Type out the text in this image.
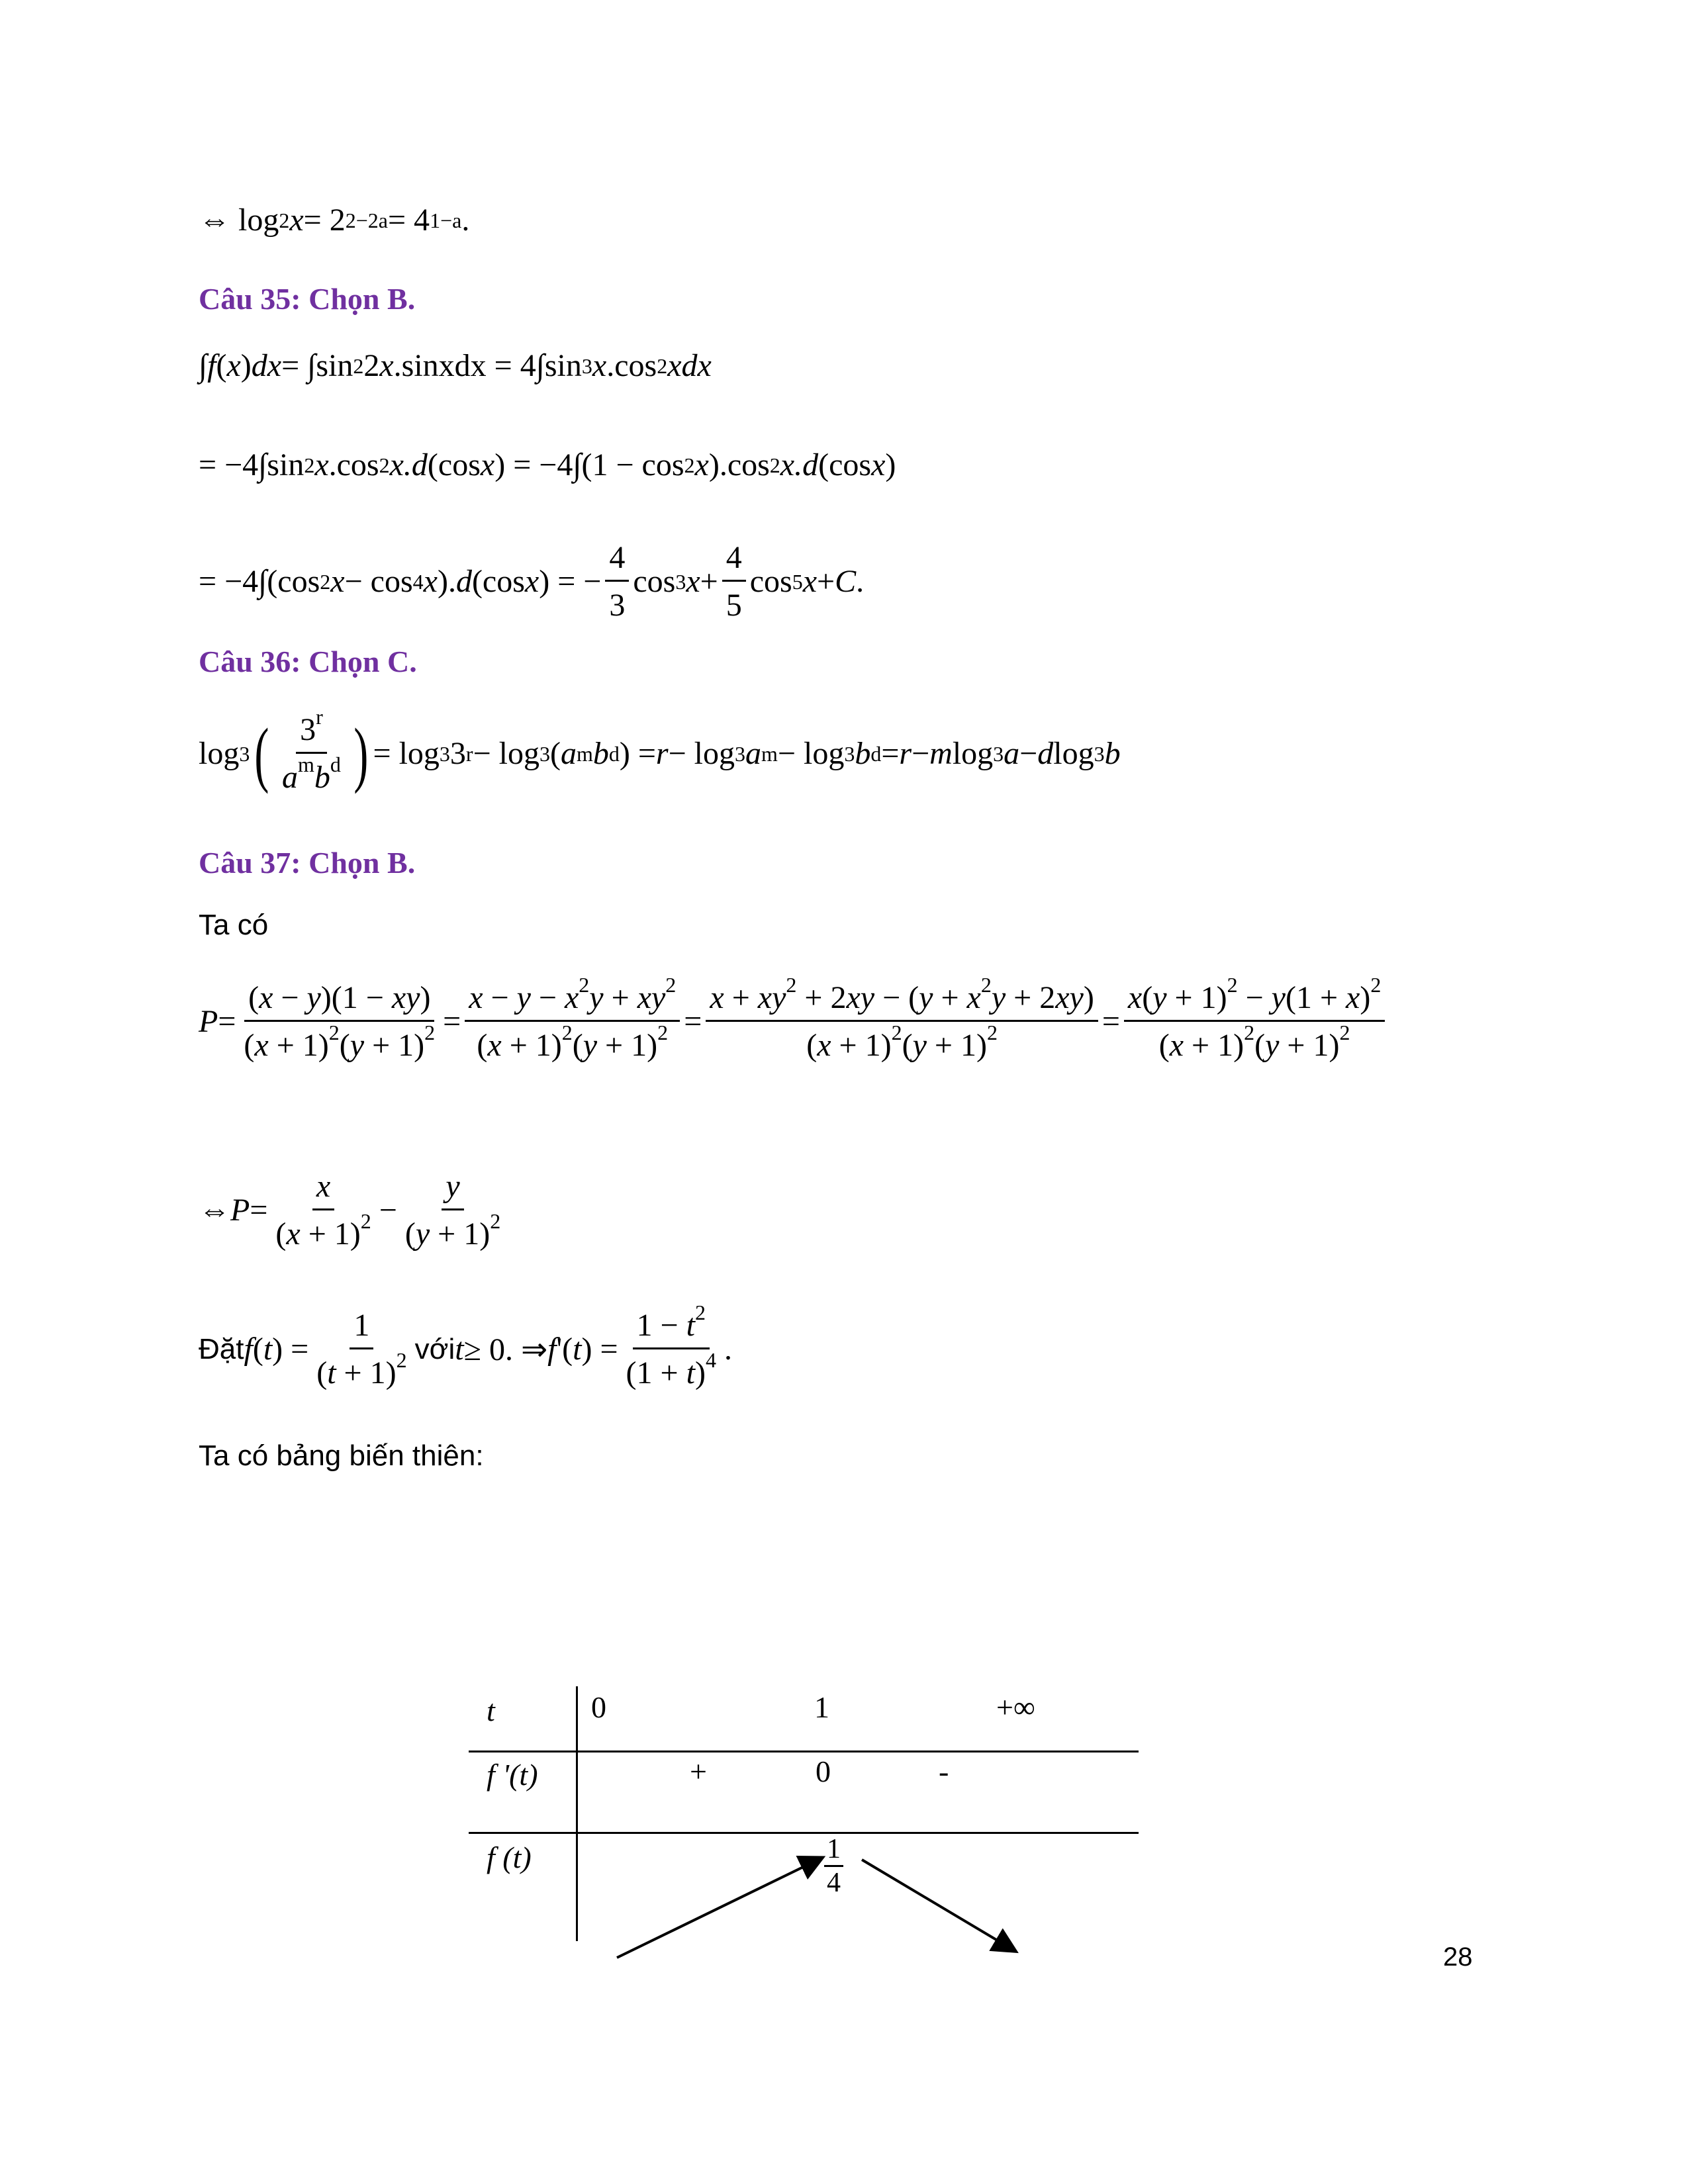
⇔ log 2 x = 2 2−2a = 4 1−a .
Câu 35: Chọn B.
∫ f ( x ) dx = ∫sin 2 2 x .sinxdx = 4∫sin 3 x .cos 2 xdx
= −4∫sin 2 x .cos 2 x.d (cos x ) = −4∫(1 − cos 2 x ).cos 2 x.d (cos x )
= −4∫(cos 2 x − cos 4 x ). d (cos x ) = − $\frac{4}{3}$ cos 3 $x + \frac{4}{5}$ cos 5 x + C .
Câu 36: Chọn C.
log 3 ( $\frac{3^r}{a^mb^d}$ ) = log 3 3 r − log 3 ( a m b d ) = r − log 3 a m − log 3 b d = r − m log 3 a − d log 3 b
Câu 37: Chọn B.
Ta có
$P = \frac{(x - y)(1 - xy)}{(x + 1)^2(y + 1)^2} = \frac{x - y - x^2y + xy^2}{(x + 1)^2(y + 1)^2} = \frac{x + xy^2 + 2xy - (y + x^2y + 2xy)}{(x + 1)^2(y + 1)^2} = \frac{x(y + 1)^2 - y(1 + x)^2}{(x + 1)^2(y + 1)^2}$
⇔ $P = \frac{x}{(x + 1)^2} - \frac{y}{(y + 1)^2}$
Đặt f ( t ) = $\frac{1}{(t + 1)^2}$ với t ≥ 0. ⇒ f '( t ) = $\frac{1 - t^2}{(1 + t)^4}$ .
Ta có bảng biến thiên:
t	0	1	+∞
f '(t)	+	0	-
f (t)	$\frac{1}{4}$
28
